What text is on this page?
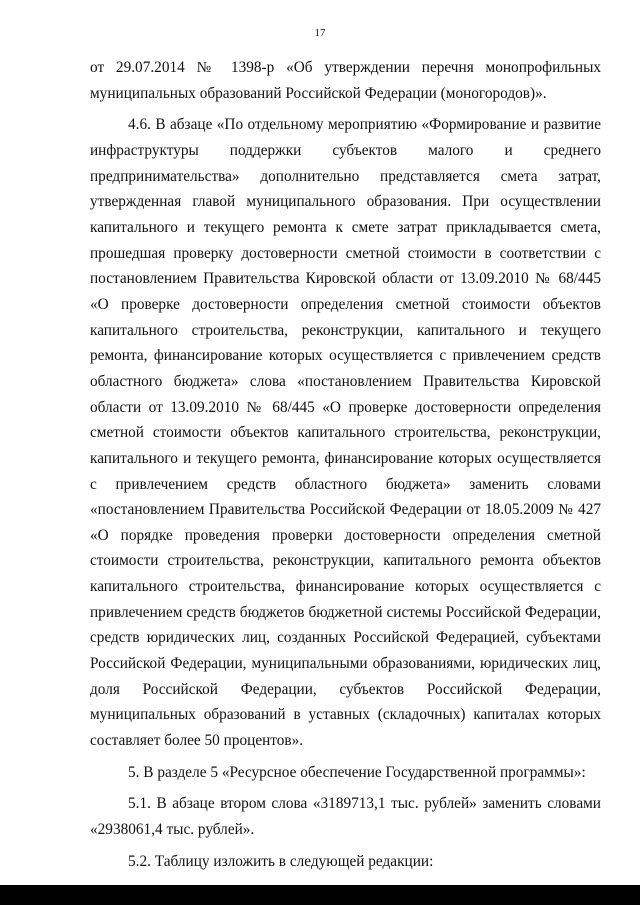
17

от 29.07.2014 № 1398-р «Об утверждении перечня монопрофильных муниципальных образований Российской Федерации (моногородов)».

4.6. В абзаце «По отдельному мероприятию «Формирование и развитие инфраструктуры поддержки субъектов малого и среднего предпринимательства» дополнительно представляется смета затрат, утвержденная главой муниципального образования. При осуществлении капитального и текущего ремонта к смете затрат прикладывается смета, прошедшая проверку достоверности сметной стоимости в соответствии с постановлением Правительства Кировской области от 13.09.2010 № 68/445 «О проверке достоверности определения сметной стоимости объектов капитального строительства, реконструкции, капитального и текущего ремонта, финансирование которых осуществляется с привлечением средств областного бюджета» слова «постановлением Правительства Кировской области от 13.09.2010 № 68/445 «О проверке достоверности определения сметной стоимости объектов капитального строительства, реконструкции, капитального и текущего ремонта, финансирование которых осуществляется с привлечением средств областного бюджета» заменить словами «постановлением Правительства Российской Федерации от 18.05.2009 № 427 «О порядке проведения проверки достоверности определения сметной стоимости строительства, реконструкции, капитального ремонта объектов капитального строительства, финансирование которых осуществляется с привлечением средств бюджетов бюджетной системы Российской Федерации, средств юридических лиц, созданных Российской Федерацией, субъектами Российской Федерации, муниципальными образованиями, юридических лиц, доля Российской Федерации, субъектов Российской Федерации, муниципальных образований в уставных (складочных) капиталах которых составляет более 50 процентов».

5. В разделе 5 «Ресурсное обеспечение Государственной программы»:

5.1. В абзаце втором слова «3189713,1 тыс. рублей» заменить словами «2938061,4 тыс. рублей».

5.2. Таблицу изложить в следующей редакции:
